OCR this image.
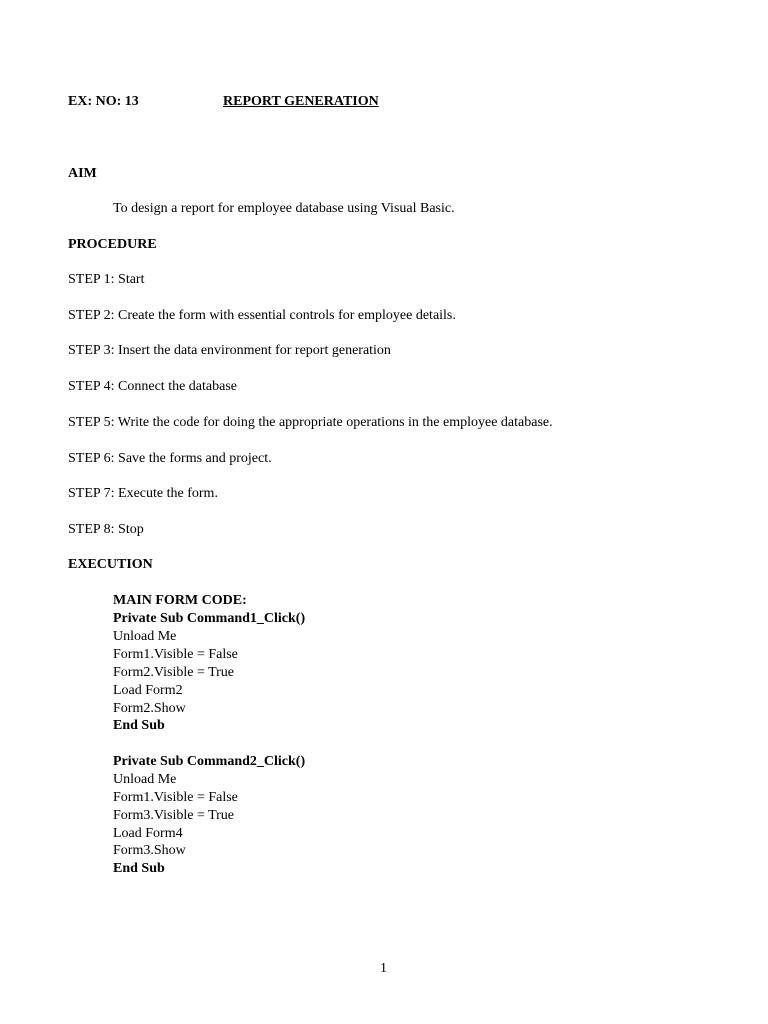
EX: NO: 13	REPORT GENERATION
AIM
To design a report for employee database using Visual Basic.
PROCEDURE
STEP 1: Start
STEP 2: Create the form with essential controls for employee details.
STEP 3: Insert the data environment for report generation
STEP 4: Connect the database
STEP 5: Write the code for doing the appropriate operations in the employee database.
STEP 6: Save the forms and project.
STEP 7: Execute the form.
STEP 8: Stop
EXECUTION
MAIN FORM CODE:
Private Sub Command1_Click()
Unload Me
Form1.Visible = False
Form2.Visible = True
Load Form2
Form2.Show
End Sub
Private Sub Command2_Click()
Unload Me
Form1.Visible = False
Form3.Visible = True
Load Form4
Form3.Show
End Sub
1
